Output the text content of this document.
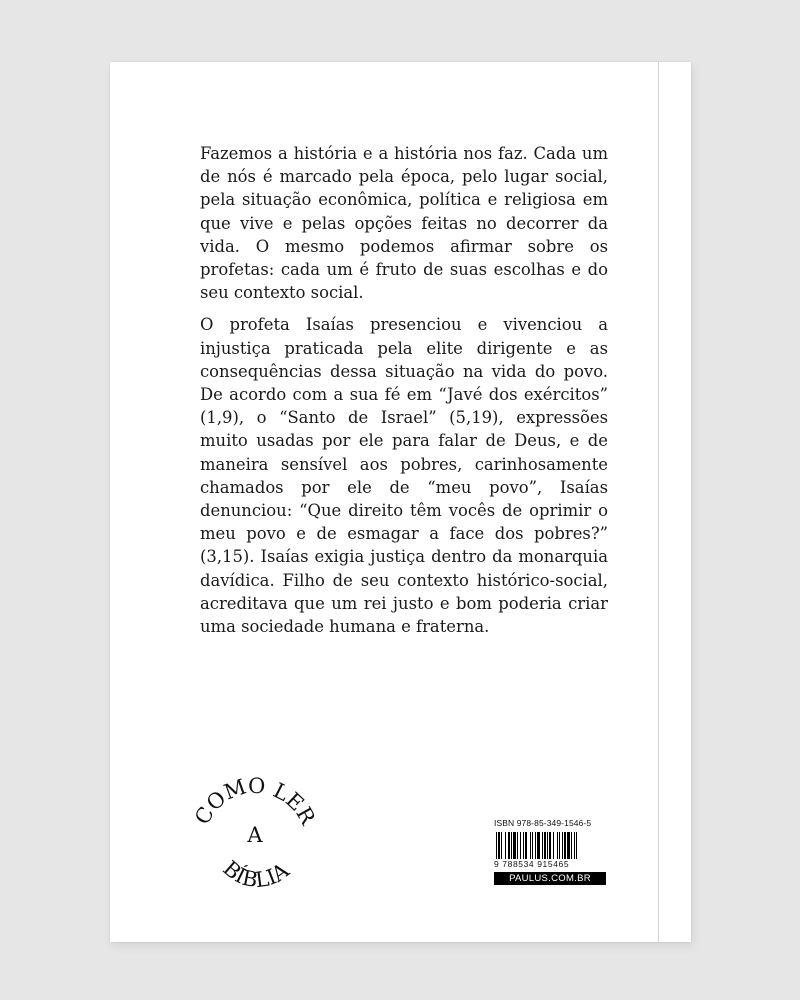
Fazemos a história e a história nos faz. Cada um de nós é marcado pela época, pelo lugar social, pela situação econômica, política e religiosa em que vive e pelas opções feitas no decorrer da vida. O mesmo podemos afirmar sobre os profetas: cada um é fruto de suas escolhas e do seu contexto social.

O profeta Isaías presenciou e vivenciou a injustiça praticada pela elite dirigente e as consequências dessa situação na vida do povo. De acordo com a sua fé em “Javé dos exércitos” (1,9), o “Santo de Israel” (5,19), expressões muito usadas por ele para falar de Deus, e de maneira sensível aos pobres, carinhosamente chamados por ele de “meu povo”, Isaías denunciou: “Que direito têm vocês de oprimir o meu povo e de esmagar a face dos pobres?” (3,15). Isaías exigia justiça dentro da monarquia davídica. Filho de seu contexto histórico-social, acreditava que um rei justo e bom poderia criar uma sociedade humana e fraterna.

COMO LER
A
BÍBLIA
ISBN 978-85-349-1546-5
9 788534 915465
PAULUS.COM.BR
